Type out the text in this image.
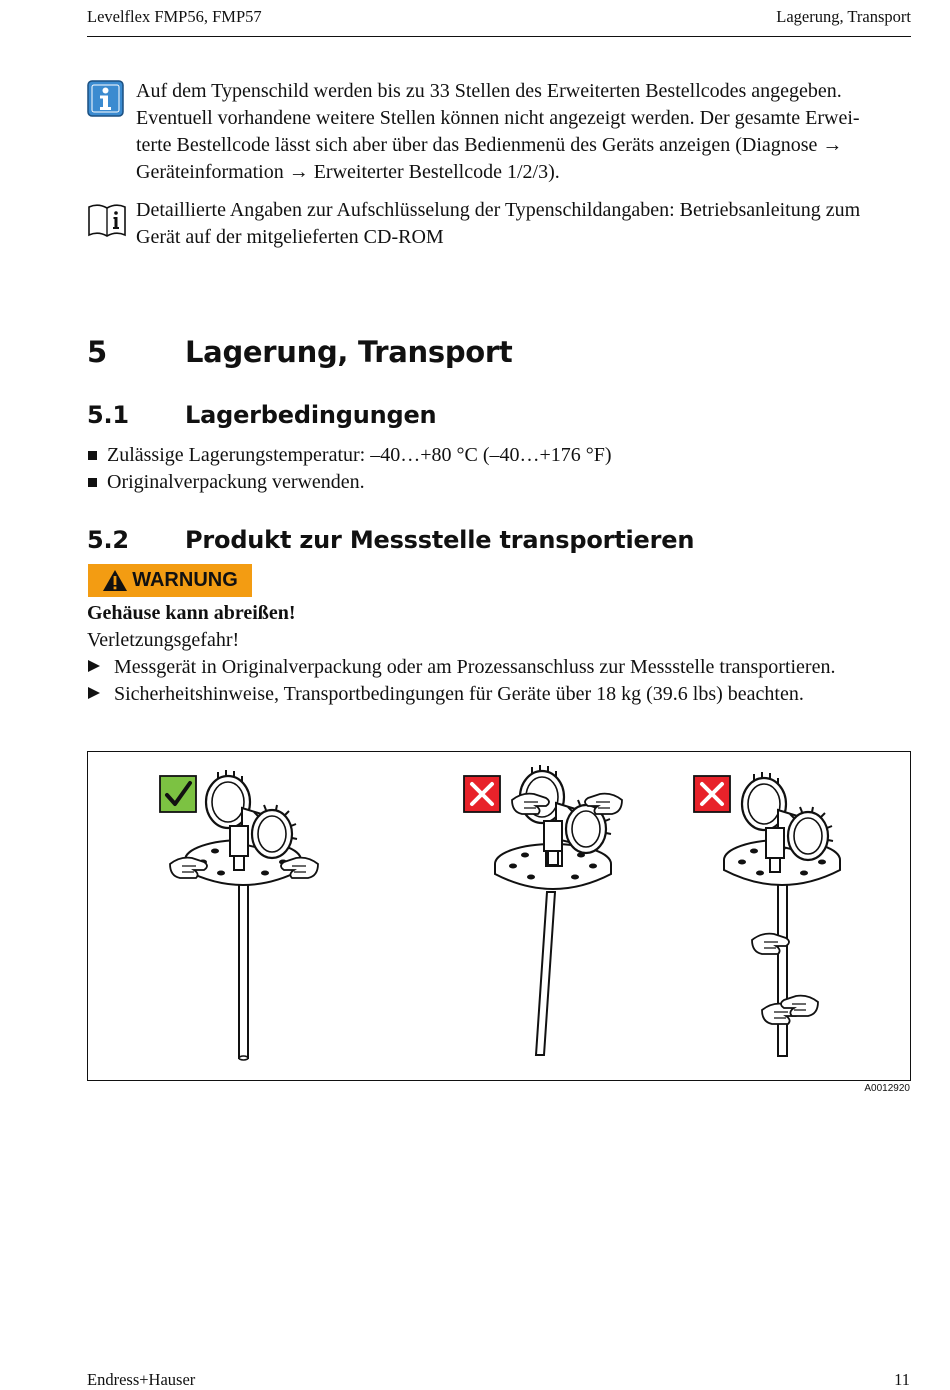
Levelflex FMP56, FMP57	Lagerung, Transport

Auf dem Typenschild werden bis zu 33 Stellen des Erweiterten Bestellcodes angegeben.

Eventuell vorhandene weitere Stellen können nicht angezeigt werden. Der gesamte Erwei-

terte Bestellcode lässt sich aber über das Bedienmenü des Geräts anzeigen (Diagnose →

Geräteinformation → Erweiterter Bestellcode 1/2/3).

Detaillierte Angaben zur Aufschlüsselung der Typenschildangaben: Betriebsanleitung zum

Gerät auf der mitgelieferten CD-ROM

5	Lagerung, Transport
5.1 Lagerbedingungen
Zulässige Lagerungstemperatur: –40…+80 °C (–40…+176 °F)
Originalverpackung verwenden.
5.2 Produkt zur Messstelle transportieren
WARNUNG
Gehäuse kann abreißen!
Verletzungsgefahr!
Messgerät in Originalverpackung oder am Prozessanschluss zur Messstelle transportieren.
Sicherheitshinweise, Transportbedingungen für Geräte über 18 kg (39.6 lbs) beachten.
A0012920
Endress+Hauser	11
